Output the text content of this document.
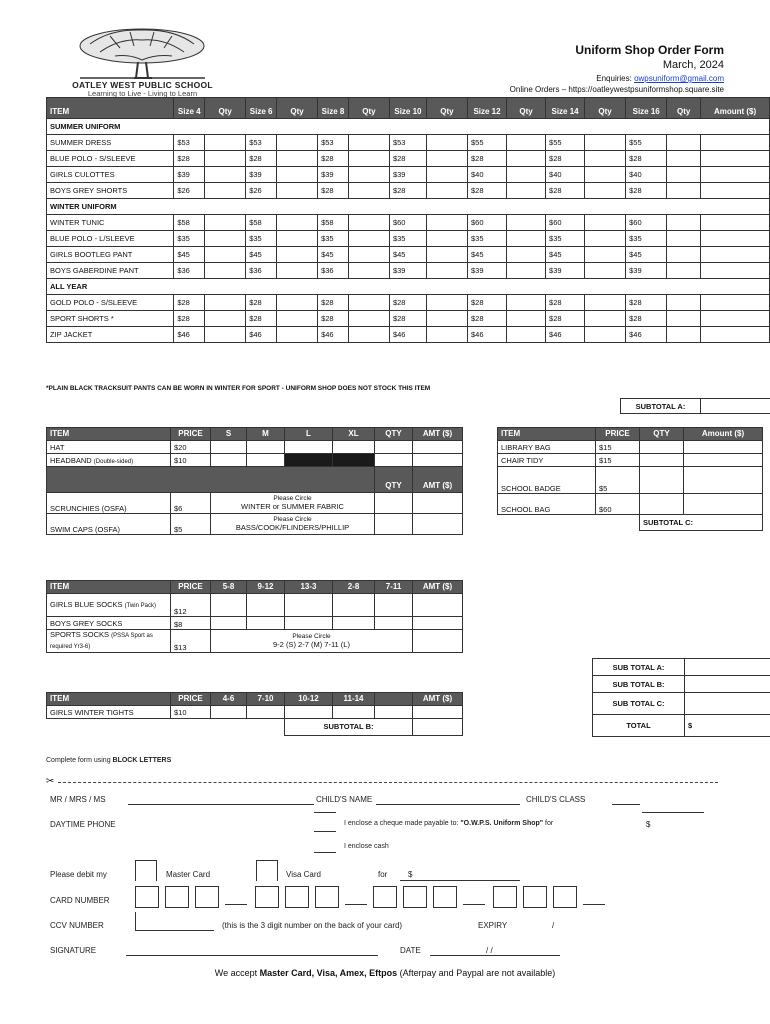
OATLEY WEST PUBLIC SCHOOL
Learning to Live - Living to Learn
Uniform Shop Order Form
March, 2024
Enquiries: owpsuniform@gmail.com
Online Orders – https://oatleywestpsuniformshop.square.site
ITEM	Size 4	Qty	Size 6	Qty	Size 8	Qty	Size 10	Qty	Size 12	Qty	Size 14	Qty	Size 16	Qty	Amount ($)
SUMMER UNIFORM															
SUMMER DRESS	$53		$53		$53		$53		$55		$55		$55		
BLUE POLO - S/SLEEVE	$28		$28		$28		$28		$28		$28		$28		
GIRLS CULOTTES	$39		$39		$39		$39		$40		$40		$40		
BOYS GREY SHORTS	$26		$26		$28		$28		$28		$28		$28		
WINTER UNIFORM															
WINTER TUNIC	$58		$58		$58		$60		$60		$60		$60		
BLUE POLO - L/SLEEVE	$35		$35		$35		$35		$35		$35		$35		
GIRLS BOOTLEG PANT	$45		$45		$45		$45		$45		$45		$45		
BOYS GABERDINE PANT	$36		$36		$36		$39		$39		$39		$39		
ALL YEAR															
GOLD POLO - S/SLEEVE	$28		$28		$28		$28		$28		$28		$28		
SPORT SHORTS *	$28		$28		$28		$28		$28		$28		$28		
ZIP JACKET	$46		$46		$46		$46		$46		$46		$46		
*PLAIN BLACK TRACKSUIT PANTS CAN BE WORN IN WINTER FOR SPORT - UNIFORM SHOP DOES NOT STOCK THIS ITEM
SUBTOTAL A:	
ITEM	PRICE	S	M	L	XL	QTY	AMT ($)
HAT	$20						
HEADBAND (Double-sided)	$10						
						QTY	AMT ($)
SCRUNCHIES (OSFA)	$6	Please Circle
WINTER or SUMMER FABRIC					

SWIM CAPS (OSFA)	$5	Please Circle
BASS/COOK/FLINDERS/PHILLIP					

ITEM	PRICE	QTY	Amount ($)
LIBRARY BAG	$15		
CHAIR TIDY	$15		
SCHOOL BADGE	$5		
SCHOOL BAG	$60		
		SUBTOTAL C:	
ITEM	PRICE	5-8	9-12	13-3	2-8	7-11	AMT ($)
GIRLS BLUE SOCKS (Twin Pack)	$12						
BOYS GREY SOCKS	$8						
SPORTS SOCKS (PSSA Sport as required Yr3-6)	$13	Please Circle
9-2 (S) 2-7 (M) 7-11 (L)					

ITEM	PRICE	4-6	7-10	10-12	11-14		AMT ($)
GIRLS WINTER TIGHTS	$10						
				SUBTOTAL B:			
SUB TOTAL A:	
SUB TOTAL B:	
SUB TOTAL C:	
TOTAL	$
Complete form using BLOCK LETTERS
✂
MR / MRS / MS	CHILD'S NAME	CHILD'S CLASS
DAYTIME PHONE	I enclose a cheque made payable to: "O.W.P.S. Uniform Shop" for	$
I enclose cash
Please debit my	Master Card	Visa Card	for	$
CARD NUMBER
CCV NUMBER	(this is the 3 digit number on the back of your card)	EXPIRY	/
SIGNATURE	DATE	/ /
We accept Master Card, Visa, Amex, Eftpos (Afterpay and Paypal are not available)
